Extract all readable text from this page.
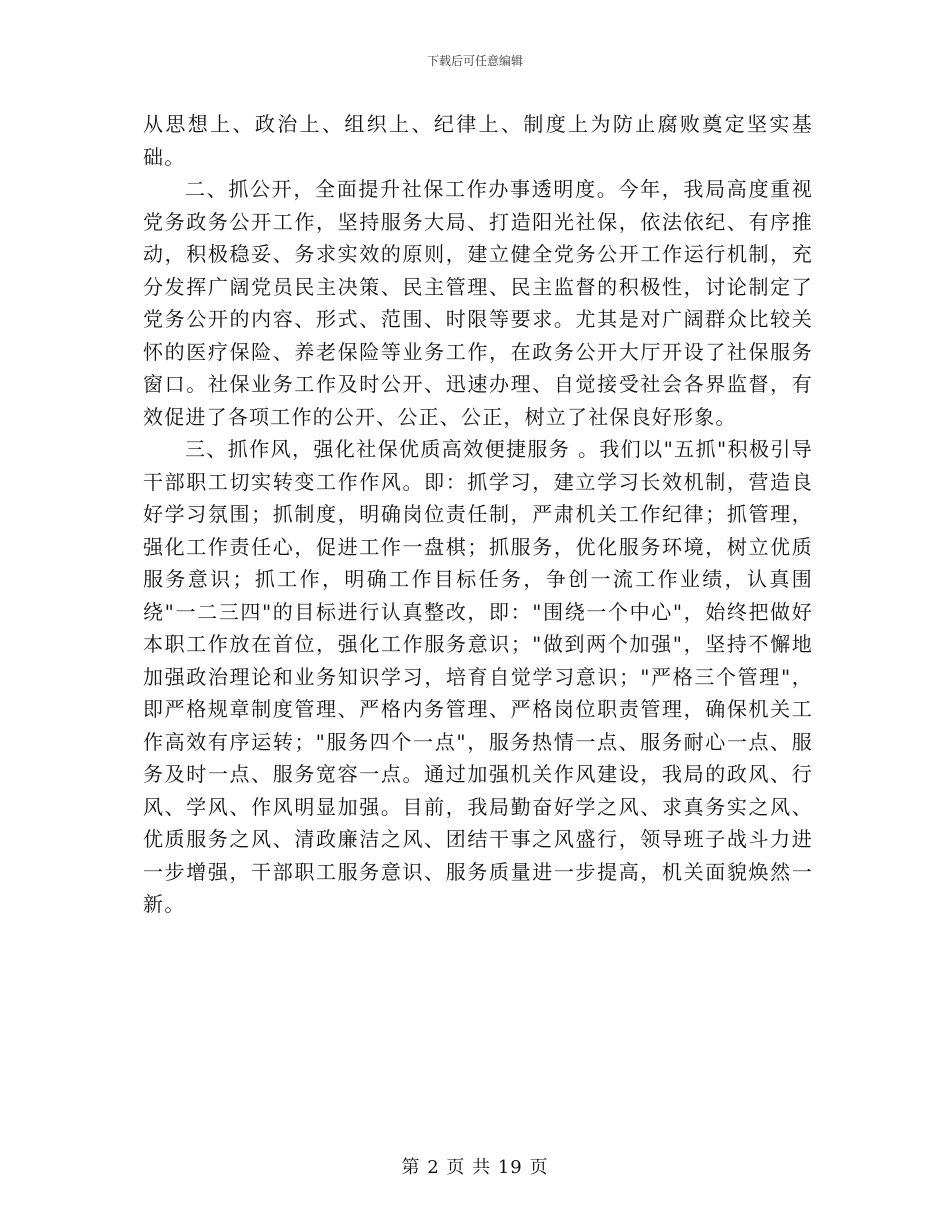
下载后可任意编辑

从思想上、政治上、组织上、纪律上、制度上为防止腐败奠定坚实基础。

二、抓公开，全面提升社保工作办事透明度。今年，我局高度重视党务政务公开工作，坚持服务大局、打造阳光社保，依法依纪、有序推动，积极稳妥、务求实效的原则，建立健全党务公开工作运行机制，充分发挥广阔党员民主决策、民主管理、民主监督的积极性，讨论制定了党务公开的内容、形式、范围、时限等要求。尤其是对广阔群众比较关怀的医疗保险、养老保险等业务工作，在政务公开大厅开设了社保服务窗口。社保业务工作及时公开、迅速办理、自觉接受社会各界监督，有效促进了各项工作的公开、公正、公正，树立了社保良好形象。

三、抓作风，强化社保优质高效便捷服务 。我们以"五抓"积极引导干部职工切实转变工作作风。即：抓学习，建立学习长效机制，营造良好学习氛围；抓制度，明确岗位责任制，严肃机关工作纪律；抓管理，强化工作责任心，促进工作一盘棋；抓服务，优化服务环境，树立优质服务意识；抓工作，明确工作目标任务，争创一流工作业绩，认真围绕"一二三四"的目标进行认真整改，即："围绕一个中心"，始终把做好本职工作放在首位，强化工作服务意识；"做到两个加强"，坚持不懈地加强政治理论和业务知识学习，培育自觉学习意识；"严格三个管理"，即严格规章制度管理、严格内务管理、严格岗位职责管理，确保机关工作高效有序运转；"服务四个一点"，服务热情一点、服务耐心一点、服务及时一点、服务宽容一点。通过加强机关作风建设，我局的政风、行风、学风、作风明显加强。目前，我局勤奋好学之风、求真务实之风、优质服务之风、清政廉洁之风、团结干事之风盛行，领导班子战斗力进一步增强，干部职工服务意识、服务质量进一步提高，机关面貌焕然一新。

第 2 页 共 19 页
